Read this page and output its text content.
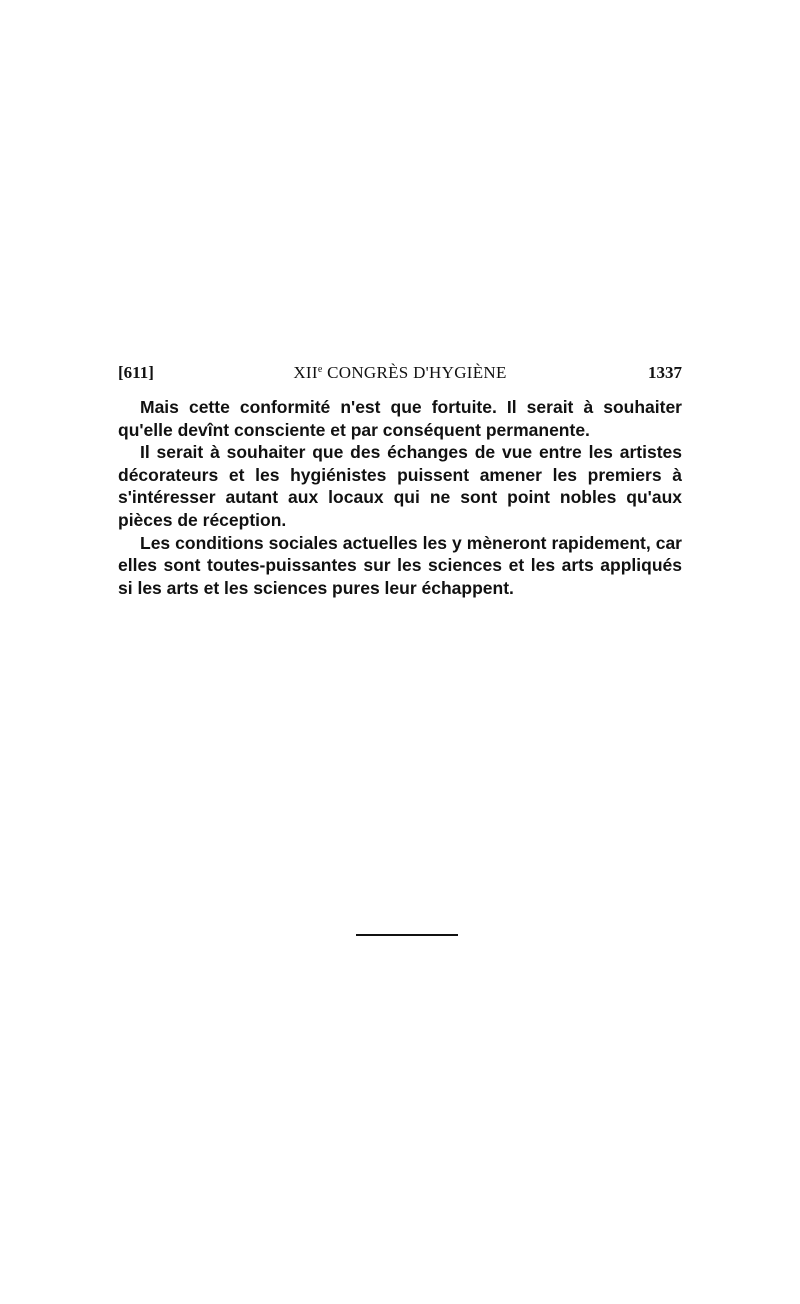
[611]	XIIe CONGRÈS D'HYGIÈNE	1337

Mais cette conformité n'est que fortuite. Il serait à souhaiter qu'elle devînt consciente et par conséquent permanente.

Il serait à souhaiter que des échanges de vue entre les artistes décorateurs et les hygiénistes puissent amener les premiers à s'intéresser autant aux locaux qui ne sont point nobles qu'aux pièces de réception.

Les conditions sociales actuelles les y mèneront rapidement, car elles sont toutes-puissantes sur les sciences et les arts appliqués si les arts et les sciences pures leur échappent.
